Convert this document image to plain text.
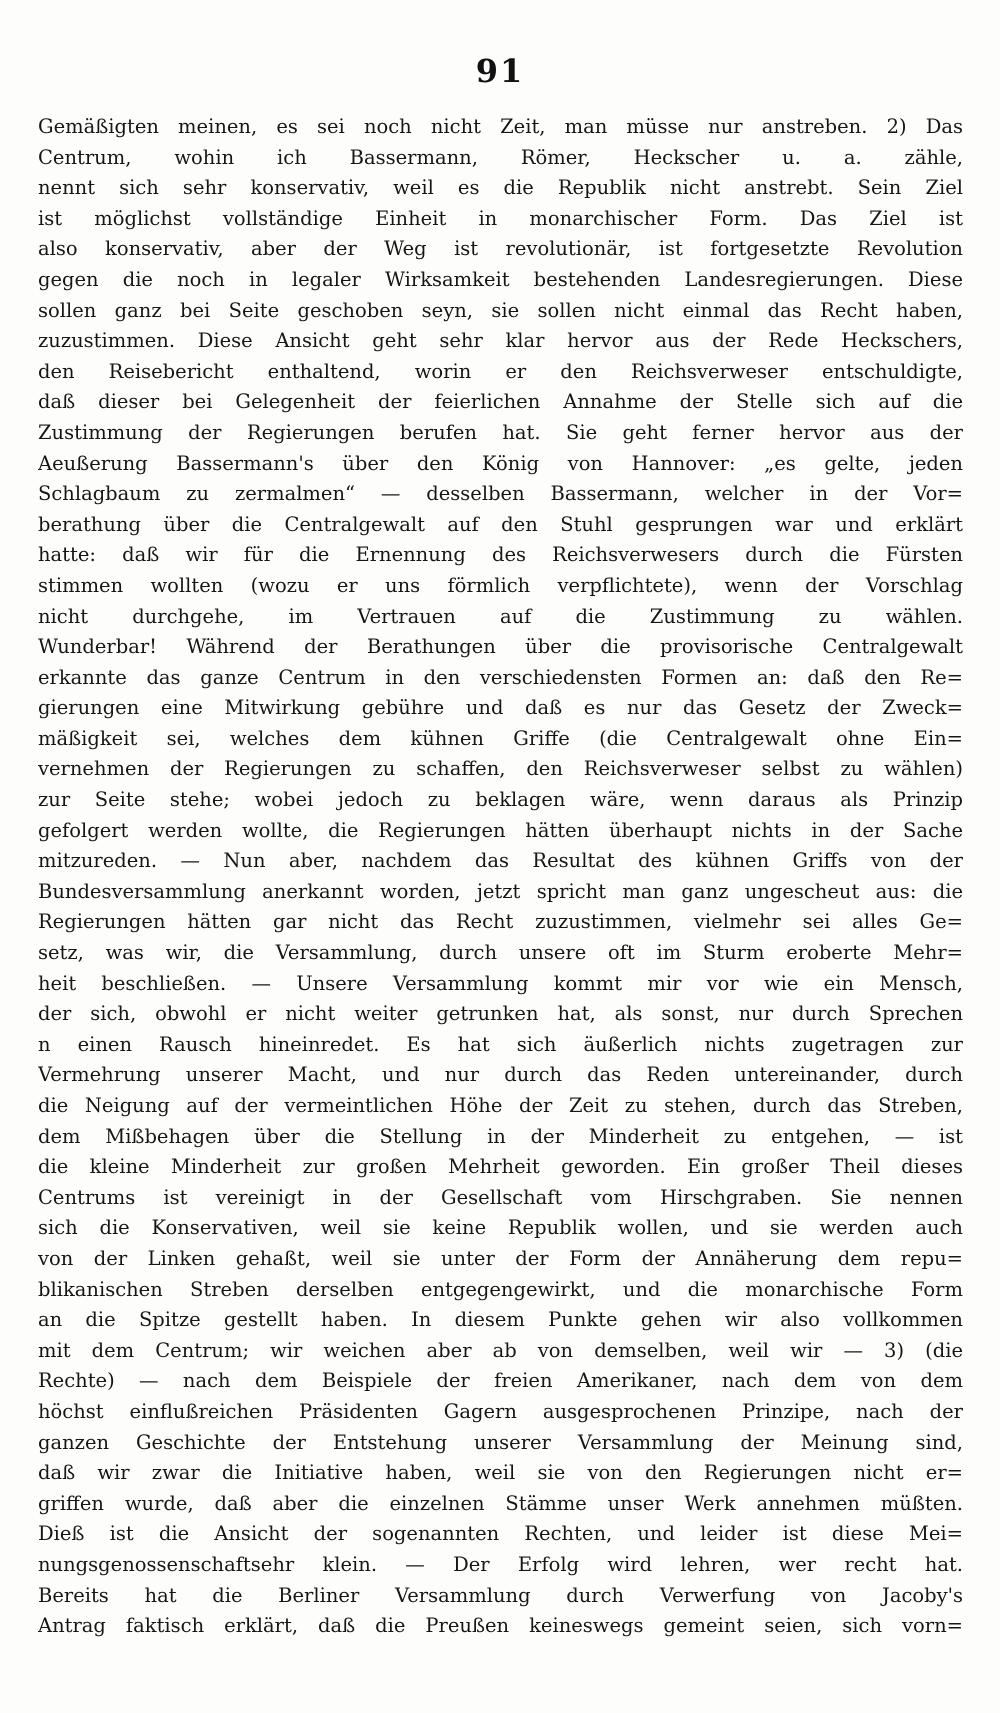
91
Gemäßigten meinen, es sei noch nicht Zeit, man müsse nur anstreben. 2) Das
Centrum, wohin ich Bassermann, Römer, Heckscher u. a. zähle,
nennt sich sehr konservativ, weil es die Republik nicht anstrebt. Sein Ziel
ist möglichst vollständige Einheit in monarchischer Form. Das Ziel ist
also konservativ, aber der Weg ist revolutionär, ist fortgesetzte Revolution
gegen die noch in legaler Wirksamkeit bestehenden Landesregierungen. Diese
sollen ganz bei Seite geschoben seyn, sie sollen nicht einmal das Recht haben,
zuzustimmen. Diese Ansicht geht sehr klar hervor aus der Rede Heckschers,
den Reisebericht enthaltend, worin er den Reichsverweser entschuldigte,
daß dieser bei Gelegenheit der feierlichen Annahme der Stelle sich auf die
Zustimmung der Regierungen berufen hat. Sie geht ferner hervor aus der
Aeußerung Bassermann's über den König von Hannover: „es gelte, jeden
Schlagbaum zu zermalmen“ — desselben Bassermann, welcher in der Vor=
berathung über die Centralgewalt auf den Stuhl gesprungen war und erklärt
hatte: daß wir für die Ernennung des Reichsverwesers durch die Fürsten
stimmen wollten (wozu er uns förmlich verpflichtete), wenn der Vorschlag
nicht durchgehe, im Vertrauen auf die Zustimmung zu wählen.
Wunderbar! Während der Berathungen über die provisorische Centralgewalt
erkannte das ganze Centrum in den verschiedensten Formen an: daß den Re=
gierungen eine Mitwirkung gebühre und daß es nur das Gesetz der Zweck=
mäßigkeit sei, welches dem kühnen Griffe (die Centralgewalt ohne Ein=
vernehmen der Regierungen zu schaffen, den Reichsverweser selbst zu wählen)
zur Seite stehe; wobei jedoch zu beklagen wäre, wenn daraus als Prinzip
gefolgert werden wollte, die Regierungen hätten überhaupt nichts in der Sache
mitzureden. — Nun aber, nachdem das Resultat des kühnen Griffs von der
Bundesversammlung anerkannt worden, jetzt spricht man ganz ungescheut aus: die
Regierungen hätten gar nicht das Recht zuzustimmen, vielmehr sei alles Ge=
setz, was wir, die Versammlung, durch unsere oft im Sturm eroberte Mehr=
heit beschließen. — Unsere Versammlung kommt mir vor wie ein Mensch,
der sich, obwohl er nicht weiter getrunken hat, als sonst, nur durch Sprechen
n einen Rausch hineinredet. Es hat sich äußerlich nichts zugetragen zur
Vermehrung unserer Macht, und nur durch das Reden untereinander, durch
die Neigung auf der vermeintlichen Höhe der Zeit zu stehen, durch das Streben,
dem Mißbehagen über die Stellung in der Minderheit zu entgehen, — ist
die kleine Minderheit zur großen Mehrheit geworden. Ein großer Theil dieses
Centrums ist vereinigt in der Gesellschaft vom Hirschgraben. Sie nennen
sich die Konservativen, weil sie keine Republik wollen, und sie werden auch
von der Linken gehaßt, weil sie unter der Form der Annäherung dem repu=
blikanischen Streben derselben entgegengewirkt, und die monarchische Form
an die Spitze gestellt haben. In diesem Punkte gehen wir also vollkommen
mit dem Centrum; wir weichen aber ab von demselben, weil wir — 3) (die
Rechte) — nach dem Beispiele der freien Amerikaner, nach dem von dem
höchst einflußreichen Präsidenten Gagern ausgesprochenen Prinzipe, nach der
ganzen Geschichte der Entstehung unserer Versammlung der Meinung sind,
daß wir zwar die Initiative haben, weil sie von den Regierungen nicht er=
griffen wurde, daß aber die einzelnen Stämme unser Werk annehmen müßten.
Dieß ist die Ansicht der sogenannten Rechten, und leider ist diese Mei=
nungsgenossenschaftsehr klein. — Der Erfolg wird lehren, wer recht hat.
Bereits hat die Berliner Versammlung durch Verwerfung von Jacoby's
Antrag faktisch erklärt, daß die Preußen keineswegs gemeint seien, sich vorn=
